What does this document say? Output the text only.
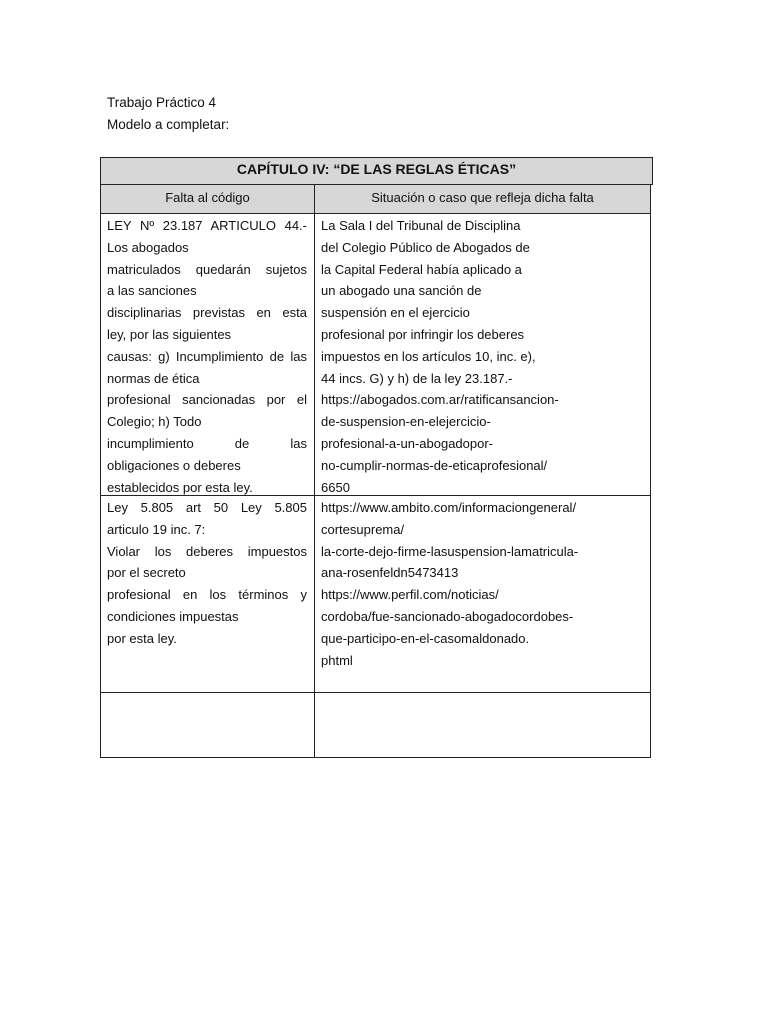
Trabajo Práctico 4
Modelo a completar:
CAPÍTULO IV: “DE LAS REGLAS ÉTICAS”
Falta al código	Situación o caso que refleja dicha falta
LEY Nº 23.187 ARTICULO 44.-
Los abogados
matriculados quedarán sujetos
a las sanciones
disciplinarias previstas en esta
ley, por las siguientes
causas: g) Incumplimiento de las
normas de ética
profesional sancionadas por el
Colegio; h) Todo
incumplimiento de las
obligaciones o deberes
establecidos por esta ley.
La Sala I del Tribunal de Disciplina
del Colegio Público de Abogados de
la Capital Federal había aplicado a
un abogado una sanción de
suspensión en el ejercicio
profesional por infringir los deberes
impuestos en los artículos 10, inc. e),
44 incs. G) y h) de la ley 23.187.-
https://abogados.com.ar/ratificansancion-
de-suspension-en-elejercicio-
profesional-a-un-abogadopor-
no-cumplir-normas-de-eticaprofesional/
6650
Ley 5.805 art 50 Ley 5.805
articulo 19 inc. 7:
Violar los deberes impuestos
por el secreto
profesional en los términos y
condiciones impuestas
por esta ley.
https://www.ambito.com/informaciongeneral/
cortesuprema/
la-corte-dejo-firme-lasuspension-lamatricula-
ana-rosenfeldn5473413
https://www.perfil.com/noticias/
cordoba/fue-sancionado-abogadocordobes-
que-participo-en-el-casomaldonado.
phtml
